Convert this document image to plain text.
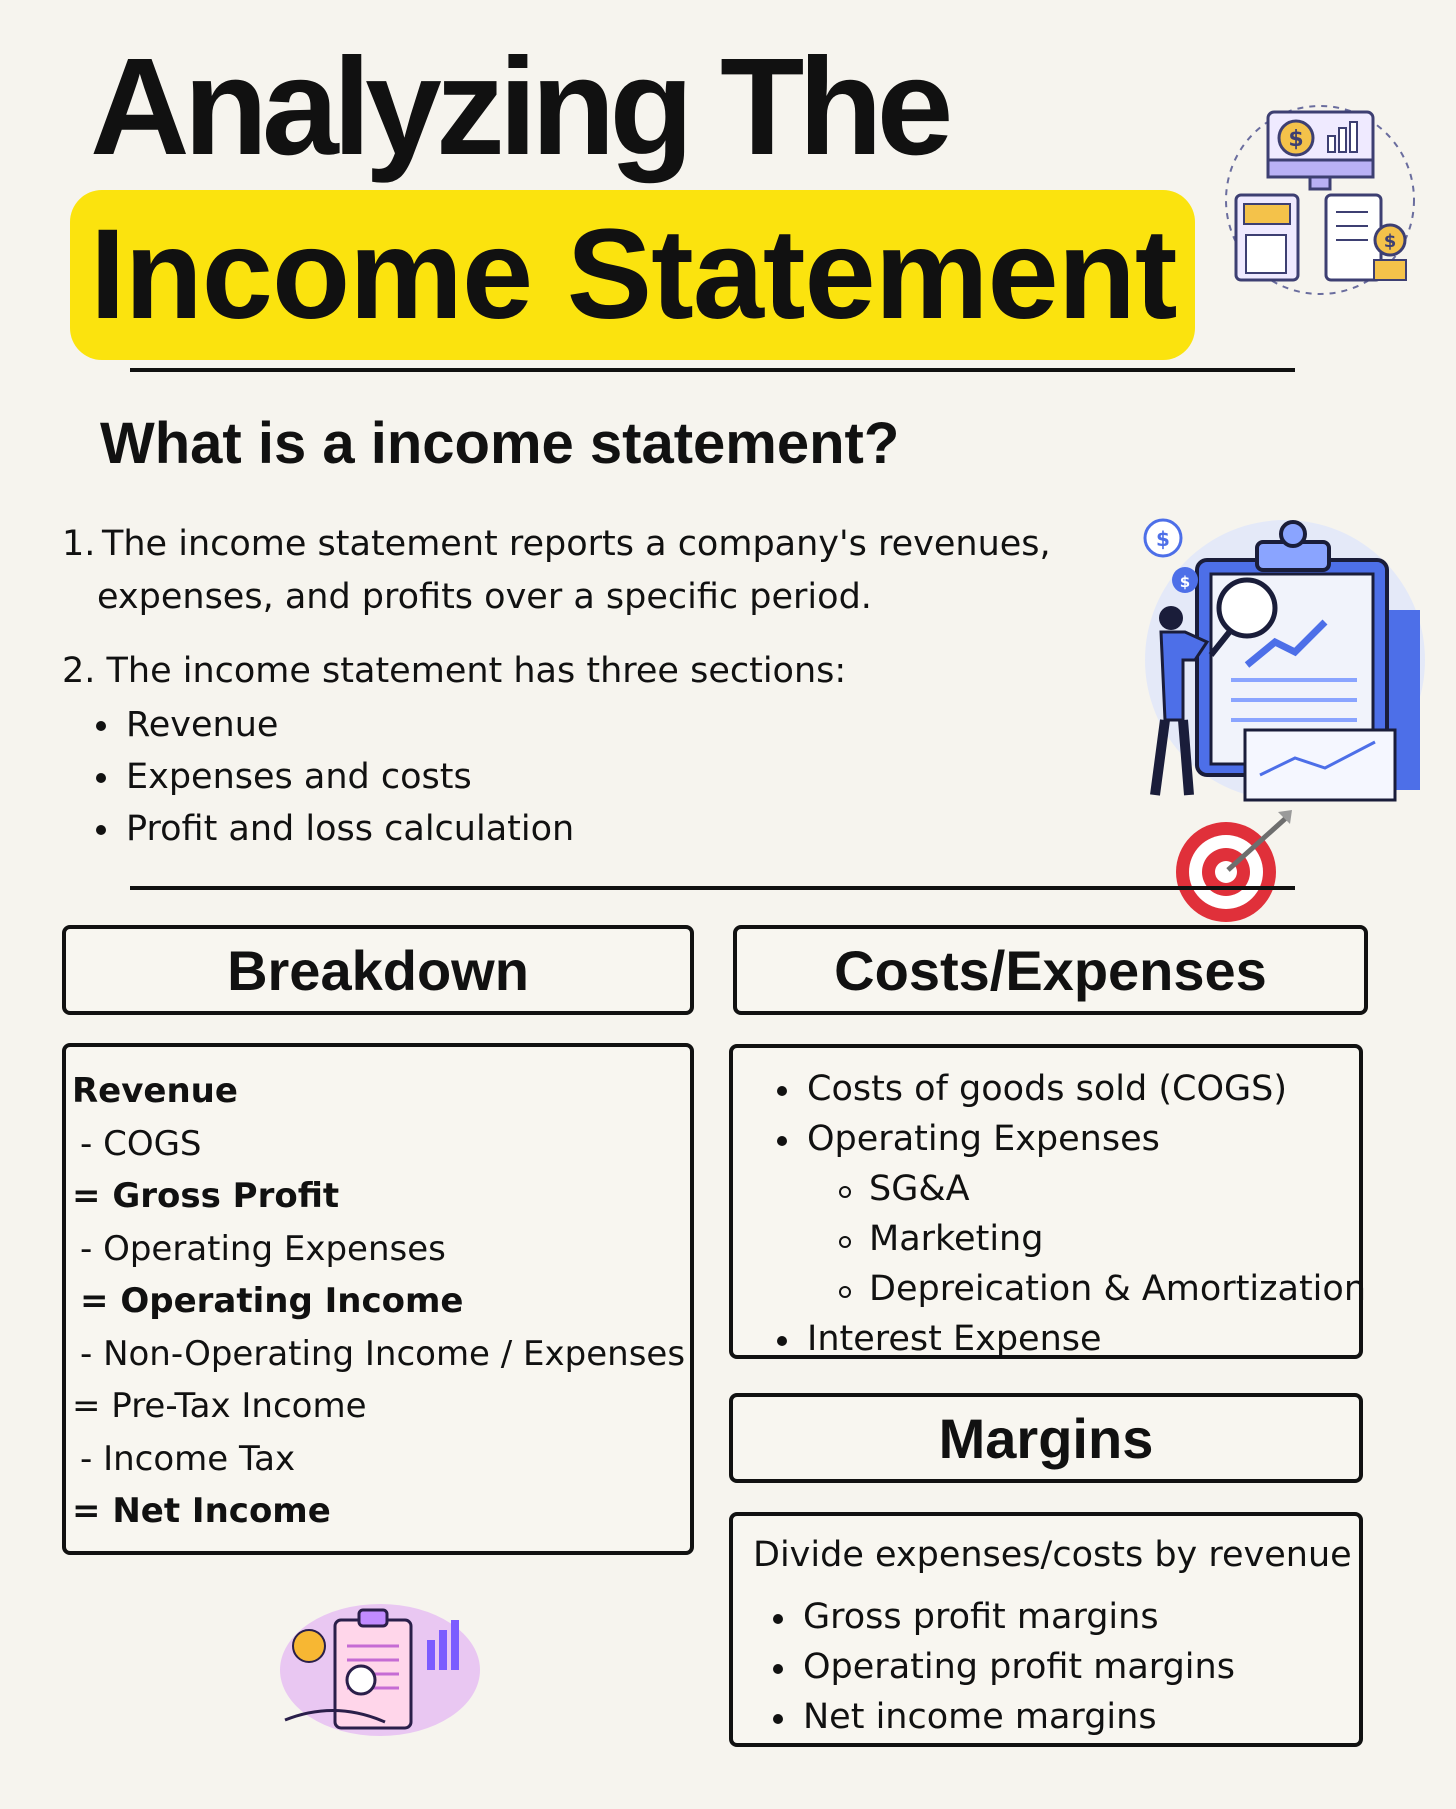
Analyzing The
Income Statement
$
$
What is a income statement?
1. The income statement reports a company's revenues,
expenses, and profits over a specific period.
2. The income statement has three sections:
Revenue
Expenses and costs
Profit and loss calculation
$
$
Breakdown	Costs/Expenses
Revenue
- COGS
= Gross Profit
- Operating Expenses
= Operating Income
- Non-Operating Income / Expenses
= Pre-Tax Income
- Income Tax
= Net Income
Costs of goods sold (COGS)
Operating Expenses
SG&A
Marketing
Depreication & Amortization
Interest Expense
Margins
Divide expenses/costs by revenue
Gross profit margins
Operating profit margins
Net income margins
